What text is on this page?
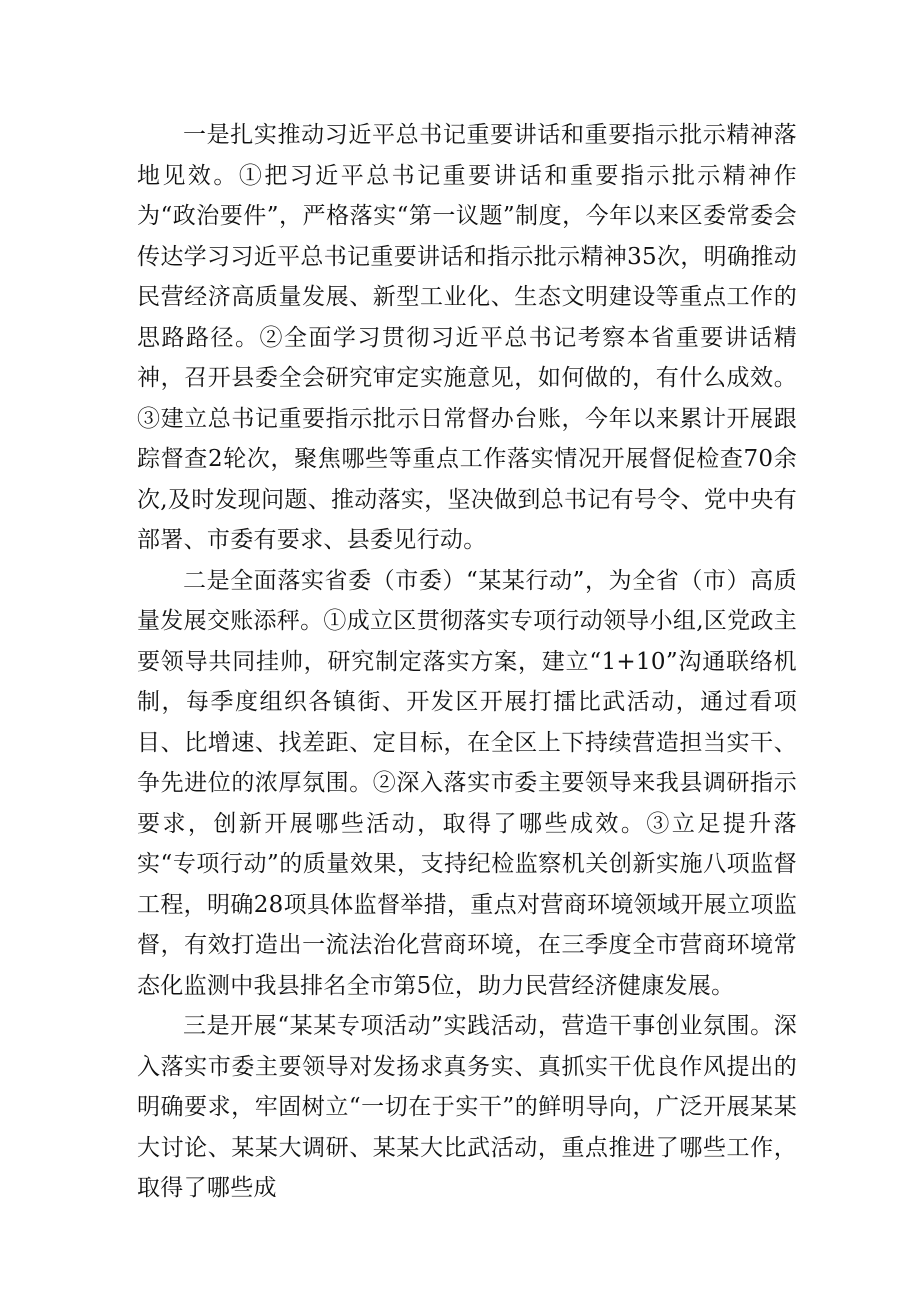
一是扎实推动习近平总书记重要讲话和重要指示批示精神落地见效。①把习近平总书记重要讲话和重要指示批示精神作为“政治要件”，严格落实“第一议题”制度，今年以来区委常委会传达学习习近平总书记重要讲话和指示批示精神35次，明确推动民营经济高质量发展、新型工业化、生态文明建设等重点工作的思路路径。②全面学习贯彻习近平总书记考察本省重要讲话精神，召开县委全会研究审定实施意见，如何做的，有什么成效。③建立总书记重要指示批示日常督办台账，今年以来累计开展跟踪督查2轮次，聚焦哪些等重点工作落实情况开展督促检查70余次,及时发现问题、推动落实，坚决做到总书记有号令、党中央有部署、市委有要求、县委见行动。

二是全面落实省委（市委）“某某行动”，为全省（市）高质量发展交账添秤。①成立区贯彻落实专项行动领导小组,区党政主要领导共同挂帅，研究制定落实方案，建立“1+10”沟通联络机制，每季度组织各镇街、开发区开展打擂比武活动，通过看项目、比增速、找差距、定目标，在全区上下持续营造担当实干、争先进位的浓厚氛围。②深入落实市委主要领导来我县调研指示要求，创新开展哪些活动，取得了哪些成效。③立足提升落实“专项行动”的质量效果，支持纪检监察机关创新实施八项监督工程，明确28项具体监督举措，重点对营商环境领域开展立项监督，有效打造出一流法治化营商环境，在三季度全市营商环境常态化监测中我县排名全市第5位，助力民营经济健康发展。

三是开展“某某专项活动”实践活动，营造干事创业氛围。深入落实市委主要领导对发扬求真务实、真抓实干优良作风提出的明确要求，牢固树立“一切在于实干”的鲜明导向，广泛开展某某大讨论、某某大调研、某某大比武活动，重点推进了哪些工作，取得了哪些成
